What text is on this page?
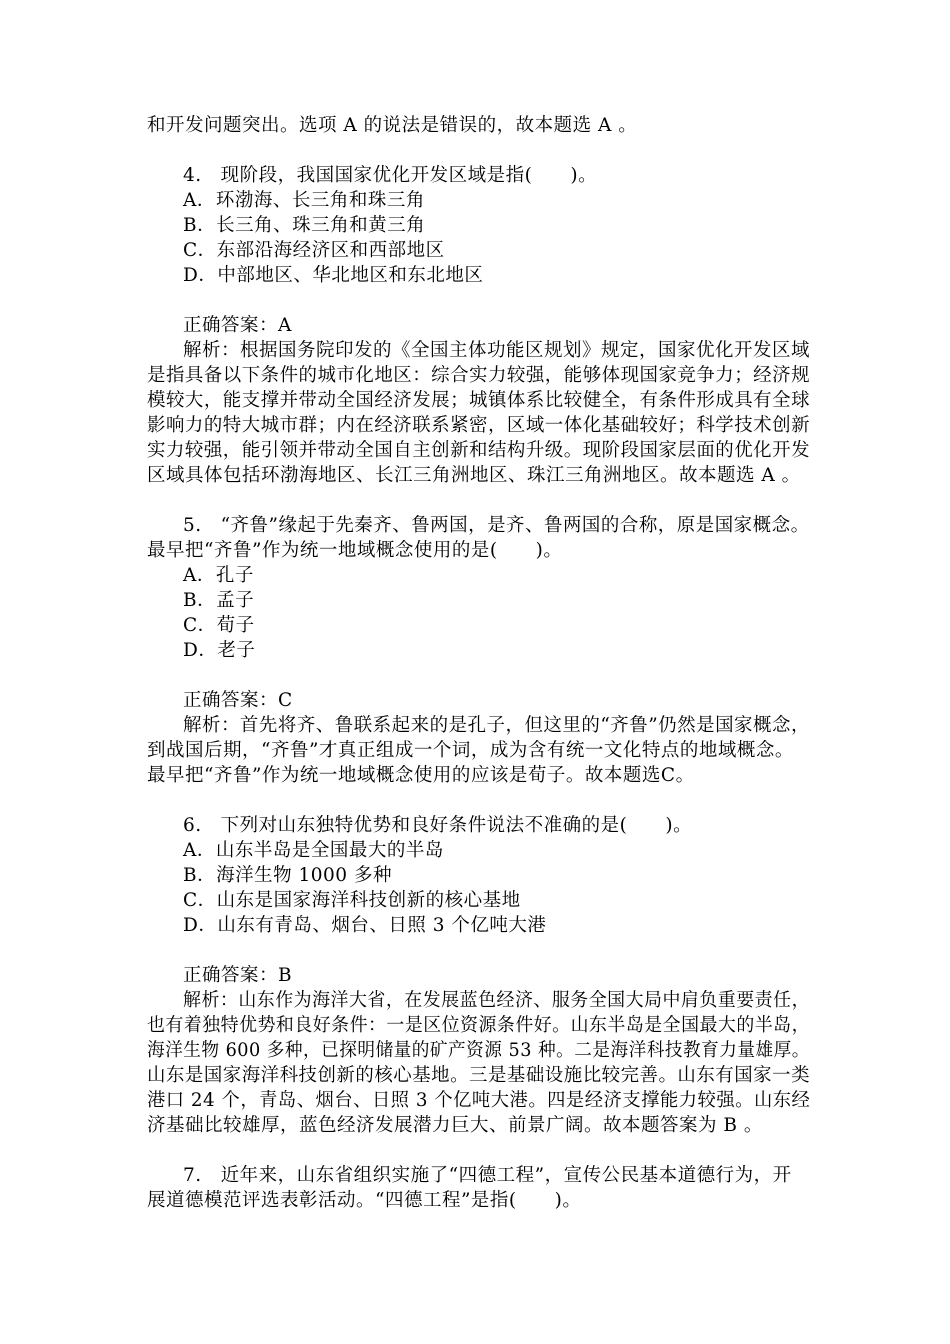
和开发问题突出。选项 A 的说法是错误的，故本题选 A 。
4.　现阶段，我国国家优化开发区域是指(　　)。
A．环渤海、长三角和珠三角
B．长三角、珠三角和黄三角
C．东部沿海经济区和西部地区
D．中部地区、华北地区和东北地区
正确答案：A
解析：根据国务院印发的《全国主体功能区规划》规定，国家优化开发区域
是指具备以下条件的城市化地区：综合实力较强，能够体现国家竞争力；经济规
模较大，能支撑并带动全国经济发展；城镇体系比较健全，有条件形成具有全球
影响力的特大城市群；内在经济联系紧密，区域一体化基础较好；科学技术创新
实力较强，能引领并带动全国自主创新和结构升级。现阶段国家层面的优化开发
区域具体包括环渤海地区、长江三角洲地区、珠江三角洲地区。故本题选 A 。
5.　“齐鲁”缘起于先秦齐、鲁两国，是齐、鲁两国的合称，原是国家概念。
最早把“齐鲁”作为统一地域概念使用的是(　　)。
A．孔子
B．孟子
C．荀子
D．老子
正确答案：C
解析：首先将齐、鲁联系起来的是孔子，但这里的“齐鲁”仍然是国家概念，
到战国后期，“齐鲁”才真正组成一个词，成为含有统一文化特点的地域概念。
最早把“齐鲁”作为统一地域概念使用的应该是荀子。故本题选C。
6.　下列对山东独特优势和良好条件说法不准确的是(　　)。
A．山东半岛是全国最大的半岛
B．海洋生物 1000 多种
C．山东是国家海洋科技创新的核心基地
D．山东有青岛、烟台、日照 3 个亿吨大港
正确答案：B
解析：山东作为海洋大省，在发展蓝色经济、服务全国大局中肩负重要责任，
也有着独特优势和良好条件：一是区位资源条件好。山东半岛是全国最大的半岛，
海洋生物 600 多种，已探明储量的矿产资源 53 种。二是海洋科技教育力量雄厚。
山东是国家海洋科技创新的核心基地。三是基础设施比较完善。山东有国家一类
港口 24 个，青岛、烟台、日照 3 个亿吨大港。四是经济支撑能力较强。山东经
济基础比较雄厚，蓝色经济发展潜力巨大、前景广阔。故本题答案为 B 。
7.　近年来，山东省组织实施了“四德工程”，宣传公民基本道德行为，开
展道德模范评选表彰活动。“四德工程”是指(　　)。
